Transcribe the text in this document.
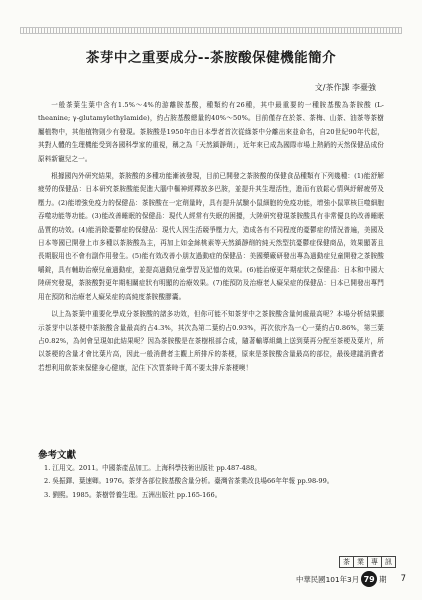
茶芽中之重要成分--茶胺酸保健機能簡介
文/茶作課 李臺強

一般茶葉生葉中含有1.5%～4%的游離胺基酸，種類約有26種，其中最重要的一種胺基酸為茶胺酸 (L-theanine; γ-glutamylethylamide)，約占胺基酸總量的40%～50%。目前僅存在於茶、茶梅、山茶、油茶等茶樹屬植物中，其他植物則少有發現。茶胺酸是1950年由日本學者首次從綠茶中分離出來並命名，自20世紀90年代起，其對人體的生理機能受到各國科學家的重視，稱之為「天然鎮靜劑」，近年來已成為國際市場上熱銷的天然保健品成份原料新寵兒之一。

根據國內外研究結果，茶胺酸的多種功能漸被發現，目前已開發之茶胺酸的保健食品種類有下列幾種：(1)能舒解疲勞的保健品：日本研究茶胺酸能促進大腦中樞神經釋放多巴胺，並提升其生理活性，進而有放鬆心情與紓解疲勞及壓力。(2)能增強免疫力的保健品：茶胺酸在一定劑量時，具有提升試驗小鼠細胞的免疫功能，增強小鼠單核巨噬細胞吞噬功能等功能。(3)能改善睡眠的保健品：現代人經常有失眠的困擾，大陸研究發現茶胺酸具有非常優良的改善睡眠品質的功效。(4)能消除憂鬱症的保健品：現代人因生活競爭壓力大，造成各有不同程度的憂鬱症的情況普遍，美國及日本等國已開發上市多種以茶胺酸為主，再加上如金絲桃素等天然鎮靜劑的純天然型抗憂鬱症保健商品，效果顯著且長期服用也不會有副作用發生。(5)能有效改善小朋友過動症的保健品：美國藥廠研發出專為過動症兒童開發之茶胺酸嚼錠，具有輔助治療兒童過動症，並提高過動兒童學習及記憶的效果。(6)能治療更年期症狀之保健品：日本和中國大陸研究發現，茶胺酸對更年期相關症狀有明顯的治療效果。(7)能預防及治療老人癡呆症的保健品：日本已開發出專門用在預防和治療老人癡呆症的高純度茶胺酸膠囊。

以上為茶葉中重要化學成分茶胺酸的諸多功效，但你可能不知茶芽中之茶胺酸含量何處最高呢？本場分析結果顯示茶芽中以茶梗中茶胺酸含量最高約占4.3%，其次為第二葉約占0.93%，再次依序為一心一葉約占0.86%，第三葉占0.82%，為何會呈現如此結果呢？因為茶胺酸是在茶樹根部合成，隨著輸導組織上送到葉再分配至茶梗及葉片，所以茶梗的含量才會比葉片高，因此一般消費者主觀上所排斥的茶梗，原來是茶胺酸含量最高的部位，最後建議消費者若想利用飲茶來保健身心健康，記住下次買茶時千萬不要太排斥茶梗噢！

參考文獻
1. 江用文。2011。中國茶產品加工。上海科學技術出版社 pp.487-488。
2. 吳振鐸、葉速卿。1976。茶芽各部位胺基酸含量分析。臺灣省茶業改良場66年年報 pp.98-99。
3. 劉熙。1985。茶樹營養生理。五洲出版社 pp.165-166。
茶	業	專	訊
中華民國101年3月 79 期 7
